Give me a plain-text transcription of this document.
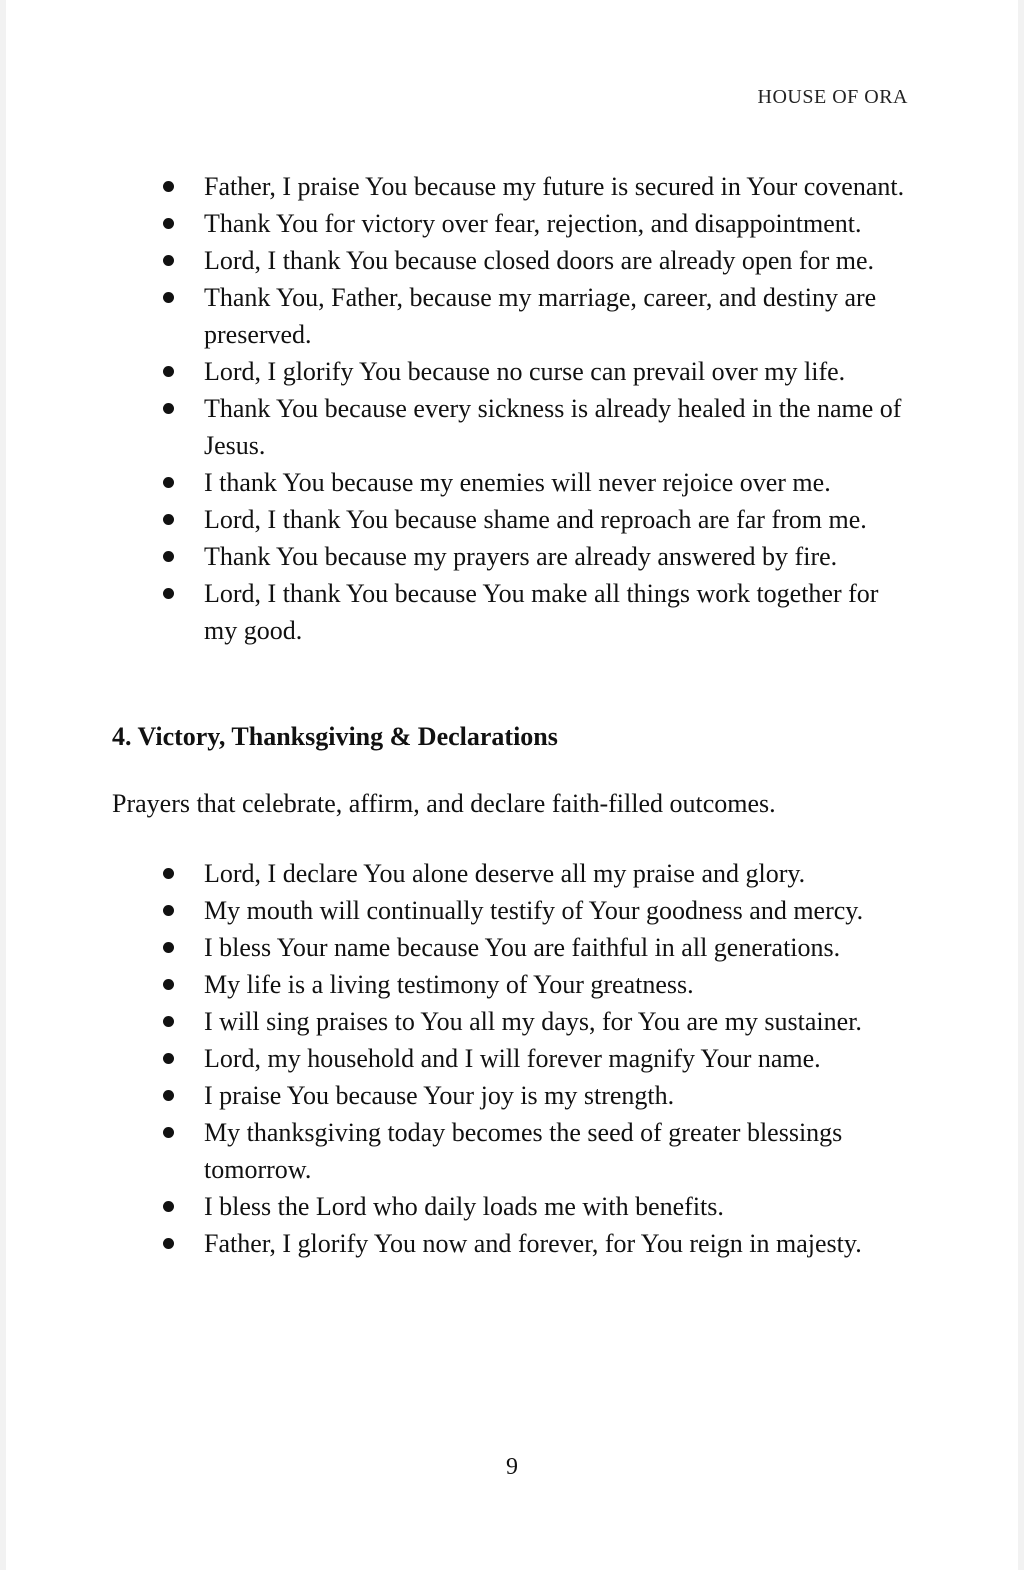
HOUSE OF ORA
Father, I praise You because my future is secured in Your covenant.
Thank You for victory over fear, rejection, and disappointment.
Lord, I thank You because closed doors are already open for me.
Thank You, Father, because my marriage, career, and destiny are preserved.
Lord, I glorify You because no curse can prevail over my life.
Thank You because every sickness is already healed in the name of Jesus.
I thank You because my enemies will never rejoice over me.
Lord, I thank You because shame and reproach are far from me.
Thank You because my prayers are already answered by fire.
Lord, I thank You because You make all things work together for my good.
4. Victory, Thanksgiving & Declarations

Prayers that celebrate, affirm, and declare faith-filled outcomes.

Lord, I declare You alone deserve all my praise and glory.
My mouth will continually testify of Your goodness and mercy.
I bless Your name because You are faithful in all generations.
My life is a living testimony of Your greatness.
I will sing praises to You all my days, for You are my sustainer.
Lord, my household and I will forever magnify Your name.
I praise You because Your joy is my strength.
My thanksgiving today becomes the seed of greater blessings tomorrow.
I bless the Lord who daily loads me with benefits.
Father, I glorify You now and forever, for You reign in majesty.
9
